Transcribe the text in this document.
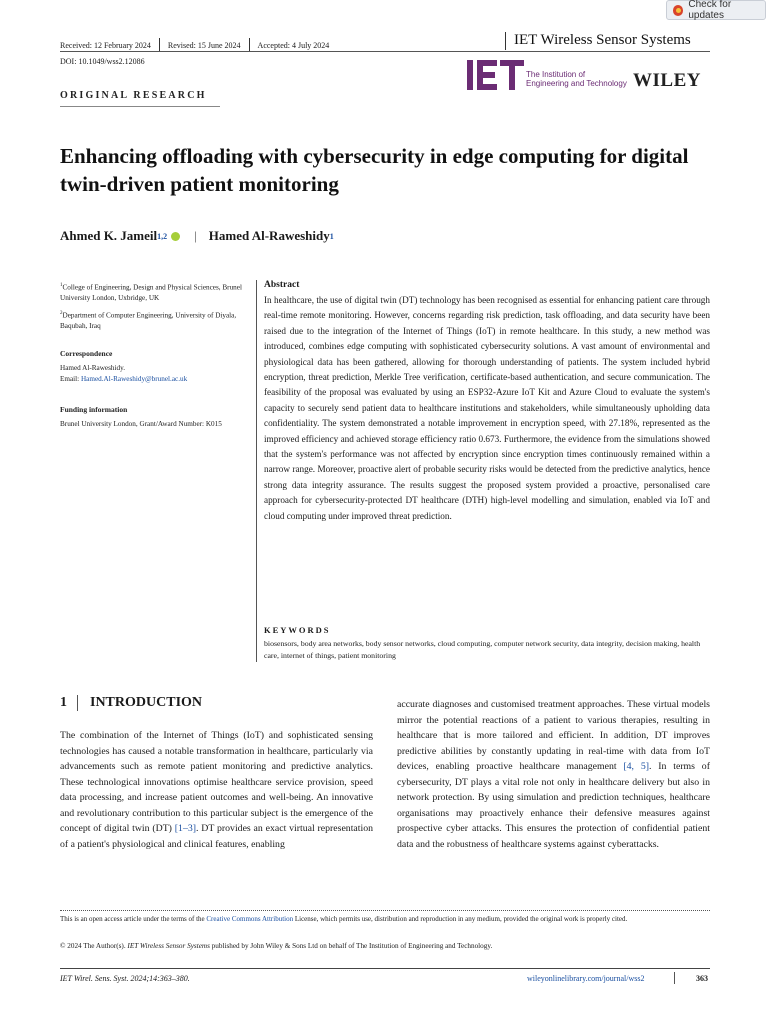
Check for updates
Received: 12 February 2024	Revised: 15 June 2024	Accepted: 4 July 2024
DOI: 10.1049/wss2.12086
IET Wireless Sensor Systems
The Institution of
Engineering and Technology WILEY
ORIGINAL RESEARCH
Enhancing offloading with cybersecurity in edge computing for digital twin-driven patient monitoring
Ahmed K. Jameil 1,2 | Hamed Al-Raweshidy 1
$^1$College of Engineering, Design and Physical Sciences, Brunel University London, Uxbridge, UK
$^2$Department of Computer Engineering, University of Diyala, Baqubah, Iraq
Correspondence
Hamed Al-Raweshidy.
Email: Hamed.Al-Raweshidy@brunel.ac.uk
Funding information
Brunel University London, Grant/Award Number: K015
Abstract
In healthcare, the use of digital twin (DT) technology has been recognised as essential for enhancing patient care through real-time remote monitoring. However, concerns regarding risk prediction, task offloading, and data security have been raised due to the integration of the Internet of Things (IoT) in remote healthcare. In this study, a new method was introduced, combines edge computing with sophisticated cybersecurity solutions. A vast amount of environmental and physiological data has been gathered, allowing for thorough understanding of patients. The system included hybrid encryption, threat prediction, Merkle Tree verification, certificate-based authentication, and secure communication. The feasibility of the proposal was evaluated by using an ESP32-Azure IoT Kit and Azure Cloud to evaluate the system's capacity to securely send patient data to healthcare institutions and stakeholders, while simultaneously upholding data confidentiality. The system demonstrated a notable improvement in encryption speed, with 27.18%, represented as the improved efficiency and achieved storage efficiency ratio 0.673. Furthermore, the evidence from the simulations showed that the system's performance was not affected by encryption since encryption times continuously remained within a narrow range. Moreover, proactive alert of probable security risks would be detected from the predictive analytics, hence strong data integrity assurance. The results suggest the proposed system provided a proactive, personalised care approach for cybersecurity-protected DT healthcare (DTH) high-level modelling and simulation, enabled via IoT and cloud computing under improved threat prediction.
KEYWORDS
biosensors, body area networks, body sensor networks, cloud computing, computer network security, data integrity, decision making, health care, internet of things, patient monitoring
1 INTRODUCTION
The combination of the Internet of Things (IoT) and sophisticated sensing technologies has caused a notable transformation in healthcare, particularly via advancements such as remote patient monitoring and predictive analytics. These technological innovations optimise healthcare service provision, speed data processing, and increase patient outcomes and well-being. An innovative and revolutionary contribution to this particular subject is the emergence of the concept of digital twin (DT) [1–3]. DT provides an exact virtual representation of a patient's physiological and clinical features, enabling
accurate diagnoses and customised treatment approaches. These virtual models mirror the potential reactions of a patient to various therapies, resulting in healthcare that is more tailored and efficient. In addition, DT improves predictive abilities by constantly updating in real-time with data from IoT devices, enabling proactive healthcare management [4, 5]. In terms of cybersecurity, DT plays a vital role not only in healthcare delivery but also in network protection. By using simulation and prediction techniques, healthcare organisations may proactively enhance their defensive measures against prospective cyber attacks. This ensures the protection of confidential patient data and the robustness of healthcare systems against cyberattacks.
This is an open access article under the terms of the Creative Commons Attribution License, which permits use, distribution and reproduction in any medium, provided the original work is properly cited.
© 2024 The Author(s). IET Wireless Sensor Systems published by John Wiley & Sons Ltd on behalf of The Institution of Engineering and Technology.
IET Wirel. Sens. Syst. 2024;14:363–380.	wileyonlinelibrary.com/journal/wss2	363
